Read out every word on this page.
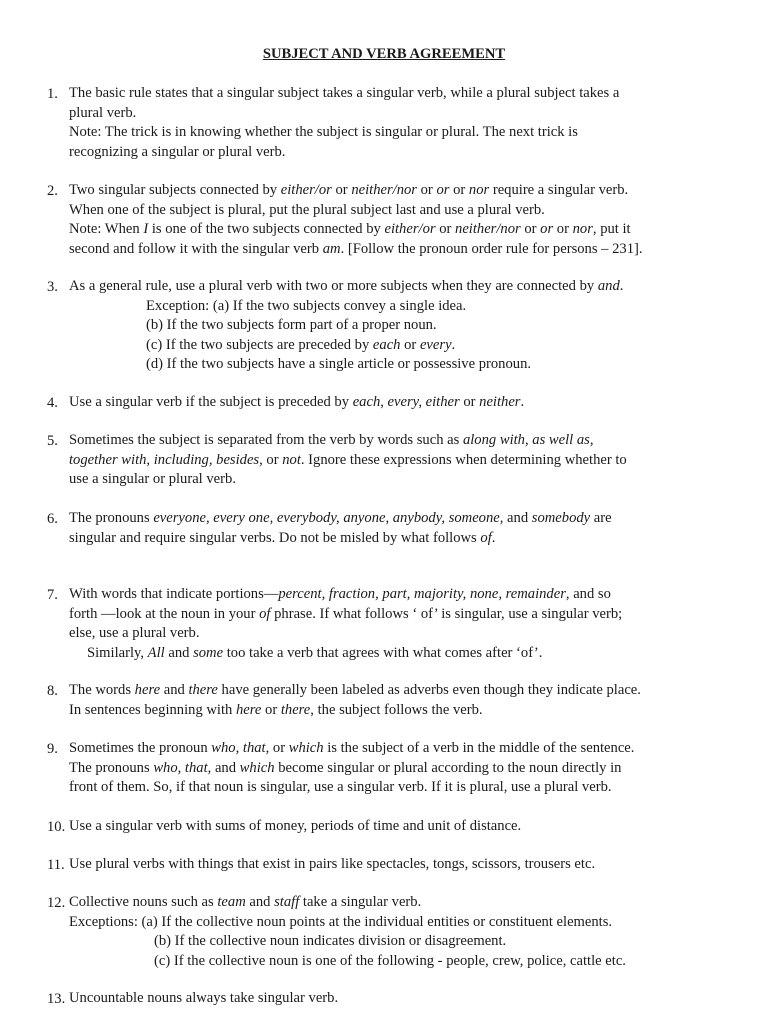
SUBJECT AND VERB AGREEMENT
1. The basic rule states that a singular subject takes a singular verb, while a plural subject takes a
plural verb.
Note: The trick is in knowing whether the subject is singular or plural. The next trick is
recognizing a singular or plural verb.
2. Two singular subjects connected by either/or or neither/nor or or or nor require a singular verb.
When one of the subject is plural, put the plural subject last and use a plural verb.
Note: When I is one of the two subjects connected by either/or or neither/nor or or or nor, put it
second and follow it with the singular verb am. [Follow the pronoun order rule for persons – 231].
3. As a general rule, use a plural verb with two or more subjects when they are connected by and.
Exception: (a) If the two subjects convey a single idea.
(b) If the two subjects form part of a proper noun.
(c) If the two subjects are preceded by each or every.
(d) If the two subjects have a single article or possessive pronoun.
4. Use a singular verb if the subject is preceded by each, every, either or neither.
5. Sometimes the subject is separated from the verb by words such as along with, as well as,
together with, including, besides, or not. Ignore these expressions when determining whether to
use a singular or plural verb.
6. The pronouns everyone, every one, everybody, anyone, anybody, someone, and somebody are
singular and require singular verbs. Do not be misled by what follows of.
7. With words that indicate portions—percent, fraction, part, majority, none, remainder, and so
forth —look at the noun in your of phrase. If what follows ‘ of’ is singular, use a singular verb;
else, use a plural verb.
Similarly, All and some too take a verb that agrees with what comes after ‘of’.
8. The words here and there have generally been labeled as adverbs even though they indicate place.
In sentences beginning with here or there, the subject follows the verb.
9. Sometimes the pronoun who, that, or which is the subject of a verb in the middle of the sentence.
The pronouns who, that, and which become singular or plural according to the noun directly in
front of them. So, if that noun is singular, use a singular verb. If it is plural, use a plural verb.
10. Use a singular verb with sums of money, periods of time and unit of distance.
11. Use plural verbs with things that exist in pairs like spectacles, tongs, scissors, trousers etc.
12. Collective nouns such as team and staff take a singular verb.
Exceptions: (a) If the collective noun points at the individual entities or constituent elements.
(b) If the collective noun indicates division or disagreement.
(c) If the collective noun is one of the following - people, crew, police, cattle etc.
13. Uncountable nouns always take singular verb.
